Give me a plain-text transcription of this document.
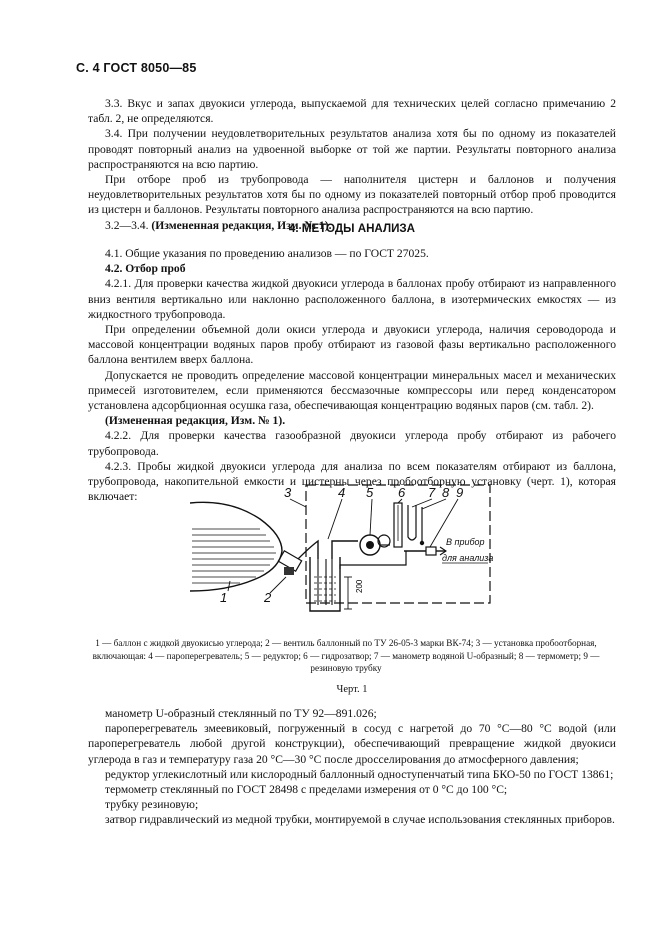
С. 4 ГОСТ 8050—85

3.3. Вкус и запах двуокиси углерода, выпускаемой для технических целей согласно примечанию 2 табл. 2, не определяются.

3.4. При получении неудовлетворительных результатов анализа хотя бы по одному из показателей проводят повторный анализ на удвоенной выборке от той же партии. Результаты повторного анализа распространяются на всю партию.

При отборе проб из трубопровода — наполнителя цистерн и баллонов и получения неудовлетворительных результатов хотя бы по одному из показателей повторный отбор проб проводится из цистерн и баллонов. Результаты повторного анализа распространяются на всю партию.

3.2—3.4. (Измененная редакция, Изм. № 1).

4. МЕТОДЫ АНАЛИЗА

4.1. Общие указания по проведению анализов — по ГОСТ 27025.

4.2. Отбор проб

4.2.1. Для проверки качества жидкой двуокиси углерода в баллонах пробу отбирают из направленного вниз вентиля вертикально или наклонно расположенного баллона, в изотермических емкостях — из жидкостного трубопровода.

При определении объемной доли окиси углерода и двуокиси углерода, наличия сероводорода и массовой концентрации водяных паров пробу отбирают из газовой фазы вертикально расположенного баллона вентилем вверх баллона.

Допускается не проводить определение массовой концентрации минеральных масел и механических примесей изготовителем, если применяются бессмазочные компрессоры или перед конденсатором установлена адсорбционная осушка газа, обеспечивающая концентрацию водяных паров (см. табл. 2).

(Измененная редакция, Изм. № 1).

4.2.2. Для проверки качества газообразной двуокиси углерода пробу отбирают из рабочего трубопровода.

4.2.3. Пробы жидкой двуокиси углерода для анализа по всем показателям отбирают из баллона, трубопровода, накопительной емкости и цистерны через пробоотборную установку (черт. 1), которая включает:

200
1	2
3	4 5 6 7 8 9
В прибор
для анализа
1 — баллон с жидкой двуокисью углерода; 2 — вентиль баллонный по ТУ 26-05-3 марки ВК-74; 3 — установка пробоотборная, включающая: 4 — пароперегреватель; 5 — редуктор; 6 — гидрозатвор; 7 — манометр водяной U-образный; 8 — термометр; 9 — резиновую трубку
Черт. 1

манометр U-образный стеклянный по ТУ 92—891.026;

пароперегреватель змеевиковый, погруженный в сосуд с нагретой до 70 °С—80 °С водой (или пароперегреватель любой другой конструкции), обеспечивающий превращение жидкой двуокиси углерода в газ и температуру газа 20 °С—30 °С после дросселирования до атмосферного давления;

редуктор углекислотный или кислородный баллонный одноступенчатый типа БКО-50 по ГОСТ 13861;

термометр стеклянный по ГОСТ 28498 с пределами измерения от 0 °С до 100 °С;

трубку резиновую;

затвор гидравлический из медной трубки, монтируемой в случае использования стеклянных приборов.
